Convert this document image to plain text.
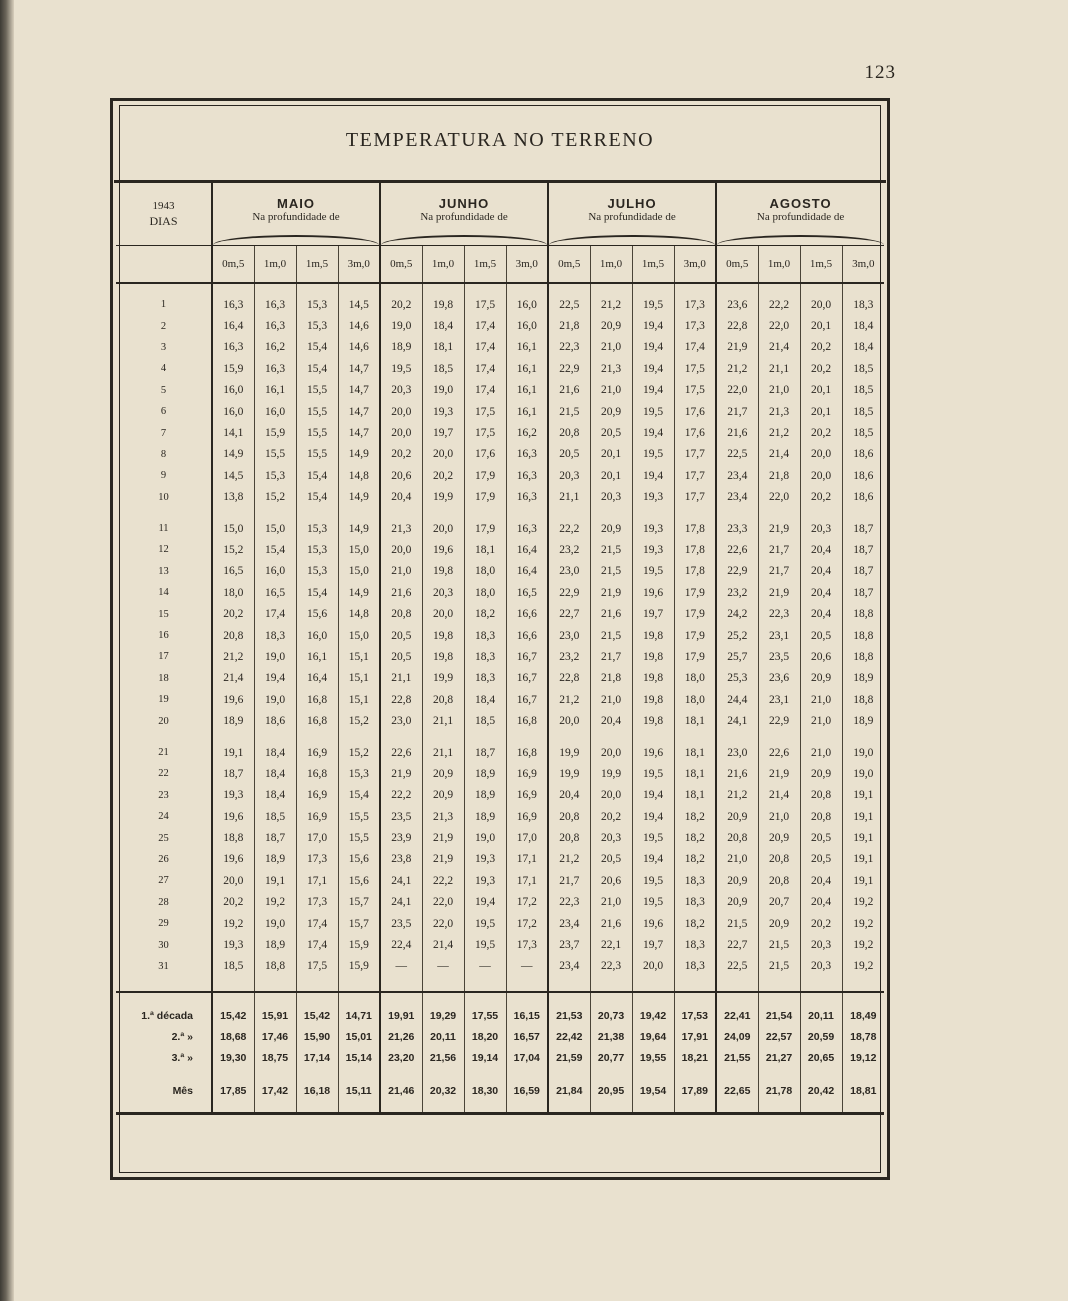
123
TEMPERATURA NO TERRENO
1943
DIAS	MAIO				JUNHO				JULHO				AGOSTO			
	Na profundidade de				Na profundidade de				Na profundidade de				Na profundidade de			

	0m,5	1m,0	1m,5	3m,0	0m,5	1m,0	1m,5	3m,0	0m,5	1m,0	1m,5	3m,0	0m,5	1m,0	1m,5	3m,0

1	16,3	16,3	15,3	14,5	20,2	19,8	17,5	16,0	22,5	21,2	19,5	17,3	23,6	22,2	20,0	18,3
2	16,4	16,3	15,3	14,6	19,0	18,4	17,4	16,0	21,8	20,9	19,4	17,3	22,8	22,0	20,1	18,4
3	16,3	16,2	15,4	14,6	18,9	18,1	17,4	16,1	22,3	21,0	19,4	17,4	21,9	21,4	20,2	18,4
4	15,9	16,3	15,4	14,7	19,5	18,5	17,4	16,1	22,9	21,3	19,4	17,5	21,2	21,1	20,2	18,5
5	16,0	16,1	15,5	14,7	20,3	19,0	17,4	16,1	21,6	21,0	19,4	17,5	22,0	21,0	20,1	18,5
6	16,0	16,0	15,5	14,7	20,0	19,3	17,5	16,1	21,5	20,9	19,5	17,6	21,7	21,3	20,1	18,5
7	14,1	15,9	15,5	14,7	20,0	19,7	17,5	16,2	20,8	20,5	19,4	17,6	21,6	21,2	20,2	18,5
8	14,9	15,5	15,5	14,9	20,2	20,0	17,6	16,3	20,5	20,1	19,5	17,7	22,5	21,4	20,0	18,6
9	14,5	15,3	15,4	14,8	20,6	20,2	17,9	16,3	20,3	20,1	19,4	17,7	23,4	21,8	20,0	18,6
10	13,8	15,2	15,4	14,9	20,4	19,9	17,9	16,3	21,1	20,3	19,3	17,7	23,4	22,0	20,2	18,6

11	15,0	15,0	15,3	14,9	21,3	20,0	17,9	16,3	22,2	20,9	19,3	17,8	23,3	21,9	20,3	18,7
12	15,2	15,4	15,3	15,0	20,0	19,6	18,1	16,4	23,2	21,5	19,3	17,8	22,6	21,7	20,4	18,7
13	16,5	16,0	15,3	15,0	21,0	19,8	18,0	16,4	23,0	21,5	19,5	17,8	22,9	21,7	20,4	18,7
14	18,0	16,5	15,4	14,9	21,6	20,3	18,0	16,5	22,9	21,9	19,6	17,9	23,2	21,9	20,4	18,7
15	20,2	17,4	15,6	14,8	20,8	20,0	18,2	16,6	22,7	21,6	19,7	17,9	24,2	22,3	20,4	18,8
16	20,8	18,3	16,0	15,0	20,5	19,8	18,3	16,6	23,0	21,5	19,8	17,9	25,2	23,1	20,5	18,8
17	21,2	19,0	16,1	15,1	20,5	19,8	18,3	16,7	23,2	21,7	19,8	17,9	25,7	23,5	20,6	18,8
18	21,4	19,4	16,4	15,1	21,1	19,9	18,3	16,7	22,8	21,8	19,8	18,0	25,3	23,6	20,9	18,9
19	19,6	19,0	16,8	15,1	22,8	20,8	18,4	16,7	21,2	21,0	19,8	18,0	24,4	23,1	21,0	18,8
20	18,9	18,6	16,8	15,2	23,0	21,1	18,5	16,8	20,0	20,4	19,8	18,1	24,1	22,9	21,0	18,9

21	19,1	18,4	16,9	15,2	22,6	21,1	18,7	16,8	19,9	20,0	19,6	18,1	23,0	22,6	21,0	19,0
22	18,7	18,4	16,8	15,3	21,9	20,9	18,9	16,9	19,9	19,9	19,5	18,1	21,6	21,9	20,9	19,0
23	19,3	18,4	16,9	15,4	22,2	20,9	18,9	16,9	20,4	20,0	19,4	18,1	21,2	21,4	20,8	19,1
24	19,6	18,5	16,9	15,5	23,5	21,3	18,9	16,9	20,8	20,2	19,4	18,2	20,9	21,0	20,8	19,1
25	18,8	18,7	17,0	15,5	23,9	21,9	19,0	17,0	20,8	20,3	19,5	18,2	20,8	20,9	20,5	19,1
26	19,6	18,9	17,3	15,6	23,8	21,9	19,3	17,1	21,2	20,5	19,4	18,2	21,0	20,8	20,5	19,1
27	20,0	19,1	17,1	15,6	24,1	22,2	19,3	17,1	21,7	20,6	19,5	18,3	20,9	20,8	20,4	19,1
28	20,2	19,2	17,3	15,7	24,1	22,0	19,4	17,2	22,3	21,0	19,5	18,3	20,9	20,7	20,4	19,2
29	19,2	19,0	17,4	15,7	23,5	22,0	19,5	17,2	23,4	21,6	19,6	18,2	21,5	20,9	20,2	19,2
30	19,3	18,9	17,4	15,9	22,4	21,4	19,5	17,3	23,7	22,1	19,7	18,3	22,7	21,5	20,3	19,2
31	18,5	18,8	17,5	15,9	—	—	—	—	23,4	22,3	20,0	18,3	22,5	21,5	20,3	19,2

1.ª década	15,42	15,91	15,42	14,71	19,91	19,29	17,55	16,15	21,53	20,73	19,42	17,53	22,41	21,54	20,11	18,49
2.ª »	18,68	17,46	15,90	15,01	21,26	20,11	18,20	16,57	22,42	21,38	19,64	17,91	24,09	22,57	20,59	18,78
3.ª »	19,30	18,75	17,14	15,14	23,20	21,56	19,14	17,04	21,59	20,77	19,55	18,21	21,55	21,27	20,65	19,12

Mês	17,85	17,42	16,18	15,11	21,46	20,32	18,30	16,59	21,84	20,95	19,54	17,89	22,65	21,78	20,42	18,81
